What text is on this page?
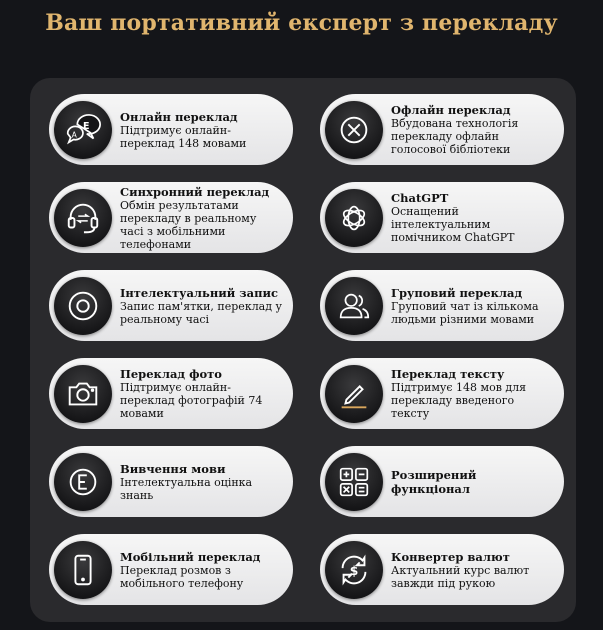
Ваш портативний експерт з перекладу
A
E
Онлайн переклад
Підтримує онлайн-переклад 148 мовами
Офлайн переклад
Вбудована технологія перекладу офлайн голосової бібліотеки
Синхронний переклад
Обмін результатами перекладу в реальному часі з мобільними телефонами
ChatGPT
Оснащений інтелектуальним помічником ChatGPT
Інтелектуальний запис
Запис пам'ятки, переклад у реальному часі
Груповий переклад
Груповий чат із кількома людьми різними мовами
Переклад фото
Підтримує онлайн-переклад фотографій 74 мовами
Переклад тексту
Підтримує 148 мов для перекладу введеного тексту
Вивчення мови
Інтелектуальна оцінка знань
Розширений функціонал
Мобільний переклад
Переклад розмов з мобільного телефону
$
Конвертер валют
Актуальний курс валют завжди під рукою
